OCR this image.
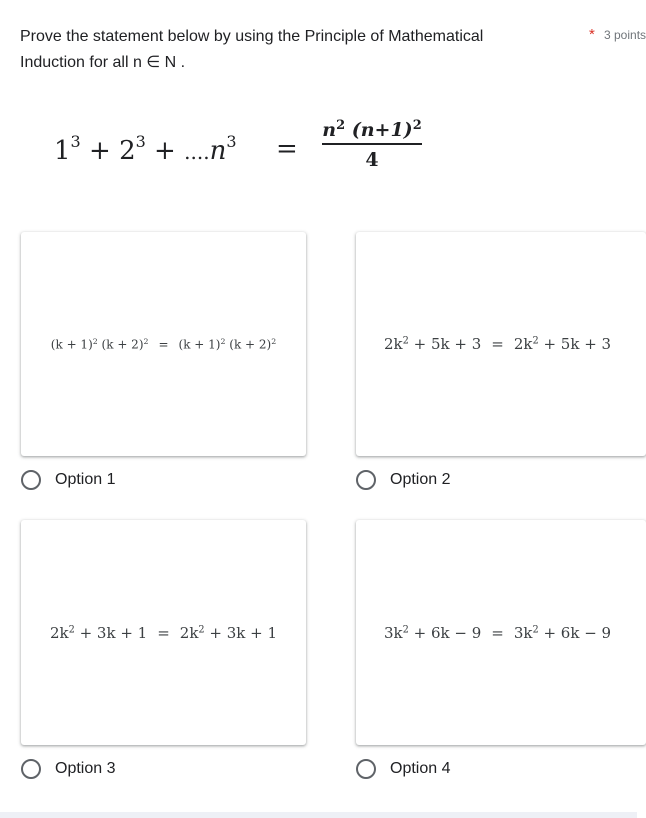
Prove the statement below by using the Principle of Mathematical
Induction for all n ∈ N .
* 3 points
$1^3 + 2^3 + ....n^3 = \frac{n^2 (n+1)^2}{4}$
$(k + 1)^2$ $(k + 2)^2 = (k + 1)^2$ $(k + 2)^2$
Option 1
$2k^2 + 5k + 3 = 2k^2 + 5k + 3$
Option 2
$2k^2 + 3k + 1 = 2k^2 + 3k + 1$
Option 3
$3k^2 + 6k - 9 = 3k^2 + 6k - 9$
Option 4
